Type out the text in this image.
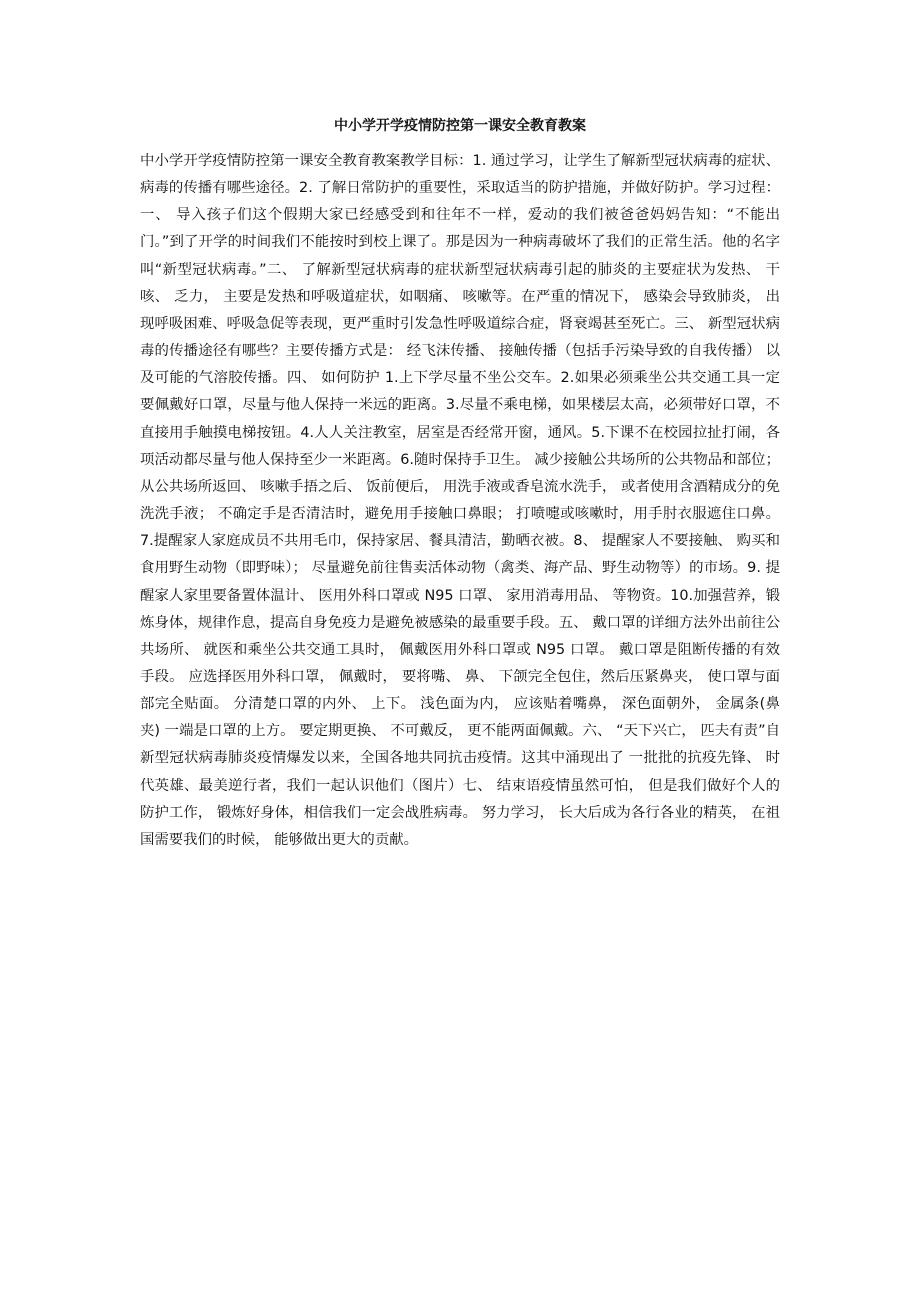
中小学开学疫情防控第一课安全教育教案

中小学开学疫情防控第一课安全教育教案教学目标：1. 通过学习，让学生了解新型冠状病毒的症状、病毒的传播有哪些途径。2. 了解日常防护的重要性，采取适当的防护措施，并做好防护。学习过程：一、 导入孩子们这个假期大家已经感受到和往年不一样，爱动的我们被爸爸妈妈告知：“不能出门。”到了开学的时间我们不能按时到校上课了。那是因为一种病毒破坏了我们的正常生活。他的名字叫“新型冠状病毒。”二、 了解新型冠状病毒的症状新型冠状病毒引起的肺炎的主要症状为发热、 干咳、 乏力， 主要是发热和呼吸道症状，如咽痛、 咳嗽等。在严重的情况下， 感染会导致肺炎， 出现呼吸困难、呼吸急促等表现，更严重时引发急性呼吸道综合症，肾衰竭甚至死亡。三、 新型冠状病毒的传播途径有哪些？主要传播方式是： 经飞沫传播、 接触传播（包括手污染导致的自我传播） 以及可能的气溶胶传播。四、 如何防护 1.上下学尽量不坐公交车。2.如果必须乘坐公共交通工具一定要佩戴好口罩，尽量与他人保持一米远的距离。3.尽量不乘电梯，如果楼层太高，必须带好口罩，不直接用手触摸电梯按钮。4.人人关注教室，居室是否经常开窗，通风。5.下课不在校园拉扯打闹，各项活动都尽量与他人保持至少一米距离。6.随时保持手卫生。 减少接触公共场所的公共物品和部位； 从公共场所返回、 咳嗽手捂之后、 饭前便后， 用洗手液或香皂流水洗手， 或者使用含酒精成分的免洗洗手液； 不确定手是否清洁时，避免用手接触口鼻眼； 打喷嚏或咳嗽时，用手肘衣服遮住口鼻。7.提醒家人家庭成员不共用毛巾，保持家居、餐具清洁，勤晒衣被。8、 提醒家人不要接触、 购买和食用野生动物（即野味）； 尽量避免前往售卖活体动物（禽类、海产品、野生动物等）的市场。9. 提醒家人家里要备置体温计、 医用外科口罩或 N95 口罩、 家用消毒用品、 等物资。10.加强营养，锻炼身体，规律作息，提高自身免疫力是避免被感染的最重要手段。五、 戴口罩的详细方法外出前往公共场所、 就医和乘坐公共交通工具时， 佩戴医用外科口罩或 N95 口罩。 戴口罩是阻断传播的有效手段。 应选择医用外科口罩， 佩戴时， 要将嘴、 鼻、 下颌完全包住，然后压紧鼻夹， 使口罩与面部完全贴面。 分清楚口罩的内外、 上下。 浅色面为内， 应该贴着嘴鼻， 深色面朝外， 金属条(鼻夹) 一端是口罩的上方。 要定期更换、 不可戴反， 更不能两面佩戴。六、 “天下兴亡， 匹夫有责”自新型冠状病毒肺炎疫情爆发以来，全国各地共同抗击疫情。这其中涌现出了 一批批的抗疫先锋、 时代英雄、最美逆行者，我们一起认识他们（图片）七、 结束语疫情虽然可怕， 但是我们做好个人的防护工作， 锻炼好身体，相信我们一定会战胜病毒。 努力学习， 长大后成为各行各业的精英， 在祖国需要我们的时候， 能够做出更大的贡献。
